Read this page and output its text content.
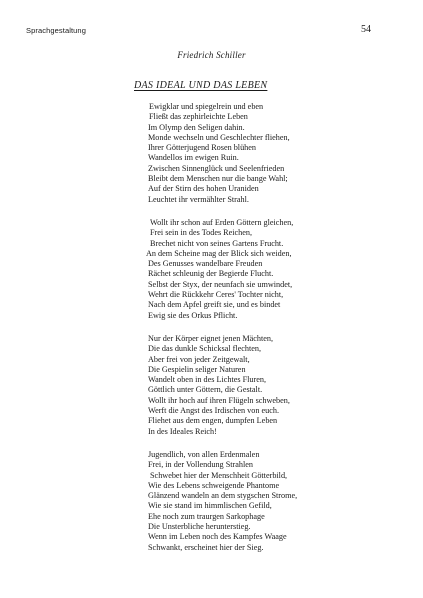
Sprachgestaltung	54
Friedrich Schiller
DAS IDEAL UND DAS LEBEN
Ewigklar und spiegelrein und eben
Fließt das zephirleichte Leben
Im Olymp den Seligen dahin.
Monde wechseln und Geschlechter fliehen,
Ihrer Götterjugend Rosen blühen
Wandellos im ewigen Ruin.
Zwischen Sinnenglück und Seelenfrieden
Bleibt dem Menschen nur die bange Wahl;
Auf der Stirn des hohen Uraniden
Leuchtet ihr vermählter Strahl.
Wollt ihr schon auf Erden Göttern gleichen,
Frei sein in des Todes Reichen,
Brechet nicht von seines Gartens Frucht.
An dem Scheine mag der Blick sich weiden,
Des Genusses wandelbare Freuden
Rächet schleunig der Begierde Flucht.
Selbst der Styx, der neunfach sie umwindet,
Wehrt die Rückkehr Ceres' Tochter nicht,
Nach dem Apfel greift sie, und es bindet
Ewig sie des Orkus Pflicht.
Nur der Körper eignet jenen Mächten,
Die das dunkle Schicksal flechten,
Aber frei von jeder Zeitgewalt,
Die Gespielin seliger Naturen
Wandelt oben in des Lichtes Fluren,
Göttlich unter Göttern, die Gestalt.
Wollt ihr hoch auf ihren Flügeln schweben,
Werft die Angst des Irdischen von euch.
Fliehet aus dem engen, dumpfen Leben
In des Ideales Reich!
Jugendlich, von allen Erdenmalen
Frei, in der Vollendung Strahlen
Schwebet hier der Menschheit Götterbild,
Wie des Lebens schweigende Phantome
Glänzend wandeln an dem stygschen Strome,
Wie sie stand im himmlischen Gefild,
Ehe noch zum traurgen Sarkophage
Die Unsterbliche herunterstieg.
Wenn im Leben noch des Kampfes Waage
Schwankt, erscheinet hier der Sieg.
